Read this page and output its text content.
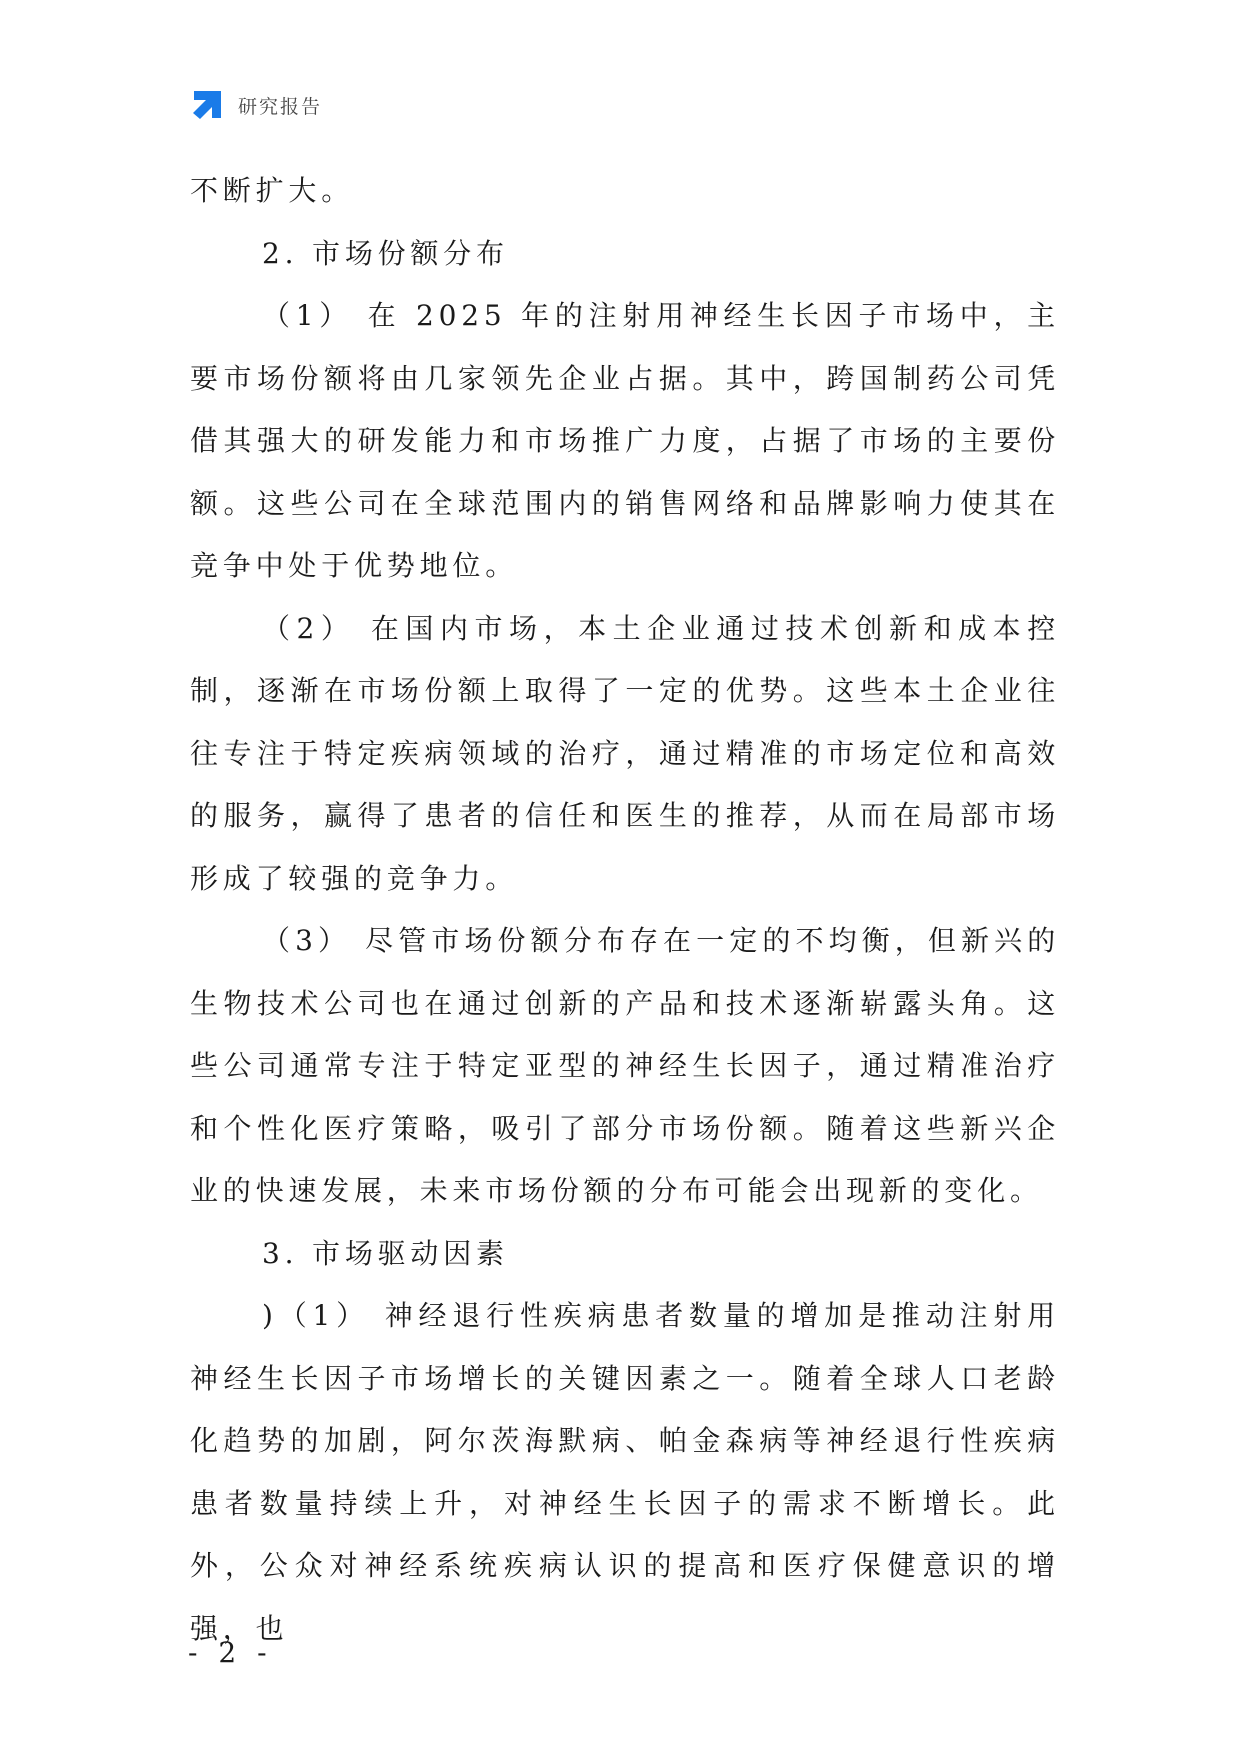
研究报告

不断扩大。

2. 市场份额分布

（1） 在 2025 年的注射用神经生长因子市场中，主要市场份额将由几家领先企业占据。其中，跨国制药公司凭借其强大的研发能力和市场推广力度，占据了市场的主要份额。这些公司在全球范围内的销售网络和品牌影响力使其在竞争中处于优势地位。

（2） 在国内市场，本土企业通过技术创新和成本控制，逐渐在市场份额上取得了一定的优势。这些本土企业往往专注于特定疾病领域的治疗，通过精准的市场定位和高效的服务，赢得了患者的信任和医生的推荐，从而在局部市场形成了较强的竞争力。

（3） 尽管市场份额分布存在一定的不均衡，但新兴的生物技术公司也在通过创新的产品和技术逐渐崭露头角。这些公司通常专注于特定亚型的神经生长因子，通过精准治疗和个性化医疗策略，吸引了部分市场份额。随着这些新兴企业的快速发展，未来市场份额的分布可能会出现新的变化。

3. 市场驱动因素

)（1） 神经退行性疾病患者数量的增加是推动注射用神经生长因子市场增长的关键因素之一。随着全球人口老龄化趋势的加剧，阿尔茨海默病、帕金森病等神经退行性疾病患者数量持续上升，对神经生长因子的需求不断增长。此外，公众对神经系统疾病认识的提高和医疗保健意识的增强，也

- 2 -
